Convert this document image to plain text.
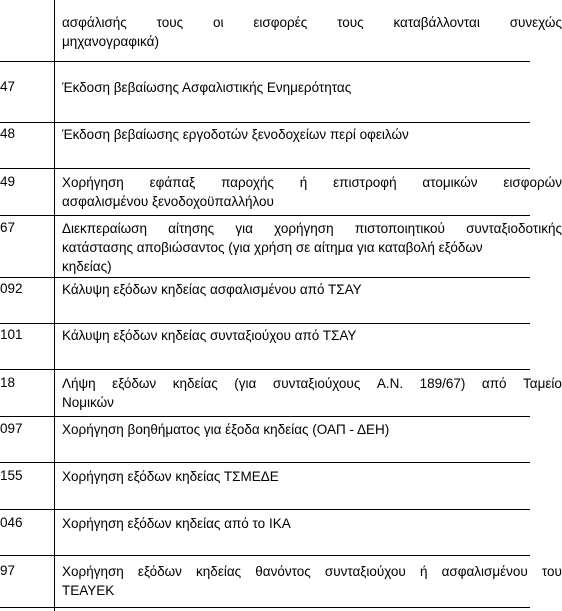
ασφάλισής τους οι εισφορές τους καταβάλλονται συνεχώς
μηχανογραφικά)
47	Έκδοση βεβαίωσης Ασφαλιστικής Ενημερότητας
48	Έκδοση βεβαίωσης εργοδοτών ξενοδοχείων περί οφειλών
49	Χορήγηση εφάπαξ παροχής ή επιστροφή ατομικών εισφορών
ασφαλισμένου ξενοδοχοϋπαλλήλου
67	Διεκπεραίωση αίτησης για χορήγηση πιστοποιητικού συνταξιοδοτικής
κατάστασης αποβιώσαντος (για χρήση σε αίτημα για καταβολή εξόδων
κηδείας)
092	Κάλυψη εξόδων κηδείας ασφαλισμένου από ΤΣΑΥ
101	Κάλυψη εξόδων κηδείας συνταξιούχου από ΤΣΑΥ
18	Λήψη εξόδων κηδείας (για συνταξιούχους Α.Ν. 189/67) από Ταμείο
Νομικών
097	Χορήγηση βοηθήματος για έξοδα κηδείας (ΟΑΠ - ΔΕΗ)
155	Χορήγηση εξόδων κηδείας ΤΣΜΕΔΕ
046	Χορήγηση εξόδων κηδείας από το ΙΚΑ
97	Χορήγηση εξόδων κηδείας θανόντος συνταξιούχου ή ασφαλισμένου του
ΤΕΑΥΕΚ
